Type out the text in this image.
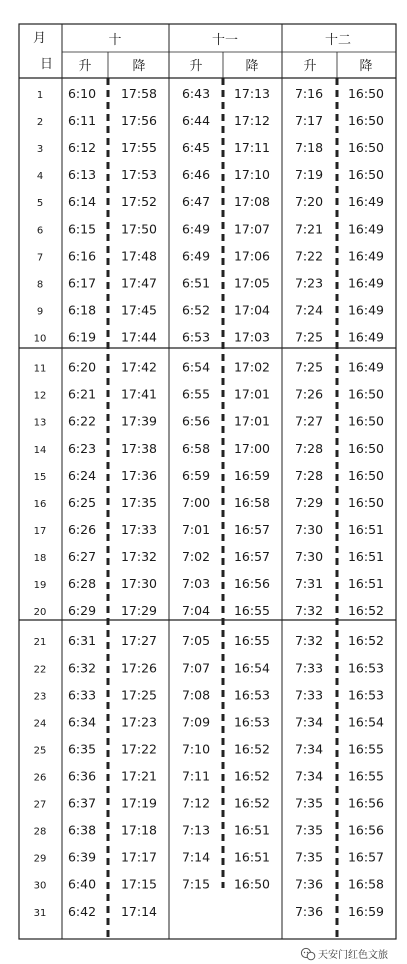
月
日
十	十一	十二
升	降	升	降	升	降
1 6:10 17:58 6:43 17:13 7:16 16:50
2 6:11 17:56 6:44 17:12 7:17 16:50
3 6:12 17:55 6:45 17:11 7:18 16:50
4 6:13 17:53 6:46 17:10 7:19 16:50
5 6:14 17:52 6:47 17:08 7:20 16:49
6 6:15 17:50 6:49 17:07 7:21 16:49
7 6:16 17:48 6:49 17:06 7:22 16:49
8 6:17 17:47 6:51 17:05 7:23 16:49
9 6:18 17:45 6:52 17:04 7:24 16:49
10 6:19 17:44 6:53 17:03 7:25 16:49
11 6:20 17:42 6:54 17:02 7:25 16:49
12 6:21 17:41 6:55 17:01 7:26 16:50
13 6:22 17:39 6:56 17:01 7:27 16:50
14 6:23 17:38 6:58 17:00 7:28 16:50
15 6:24 17:36 6:59 16:59 7:28 16:50
16 6:25 17:35 7:00 16:58 7:29 16:50
17 6:26 17:33 7:01 16:57 7:30 16:51
18 6:27 17:32 7:02 16:57 7:30 16:51
19 6:28 17:30 7:03 16:56 7:31 16:51
20 6:29 17:29 7:04 16:55 7:32 16:52
21 6:31 17:27 7:05 16:55 7:32 16:52
22 6:32 17:26 7:07 16:54 7:33 16:53
23 6:33 17:25 7:08 16:53 7:33 16:53
24 6:34 17:23 7:09 16:53 7:34 16:54
25 6:35 17:22 7:10 16:52 7:34 16:55
26 6:36 17:21 7:11 16:52 7:34 16:55
27 6:37 17:19 7:12 16:52 7:35 16:56
28 6:38 17:18 7:13 16:51 7:35 16:56
29 6:39 17:17 7:14 16:51 7:35 16:57
30 6:40 17:15 7:15 16:50 7:36 16:58
31 6:42 17:14	7:36 16:59
天安门红色文旅
